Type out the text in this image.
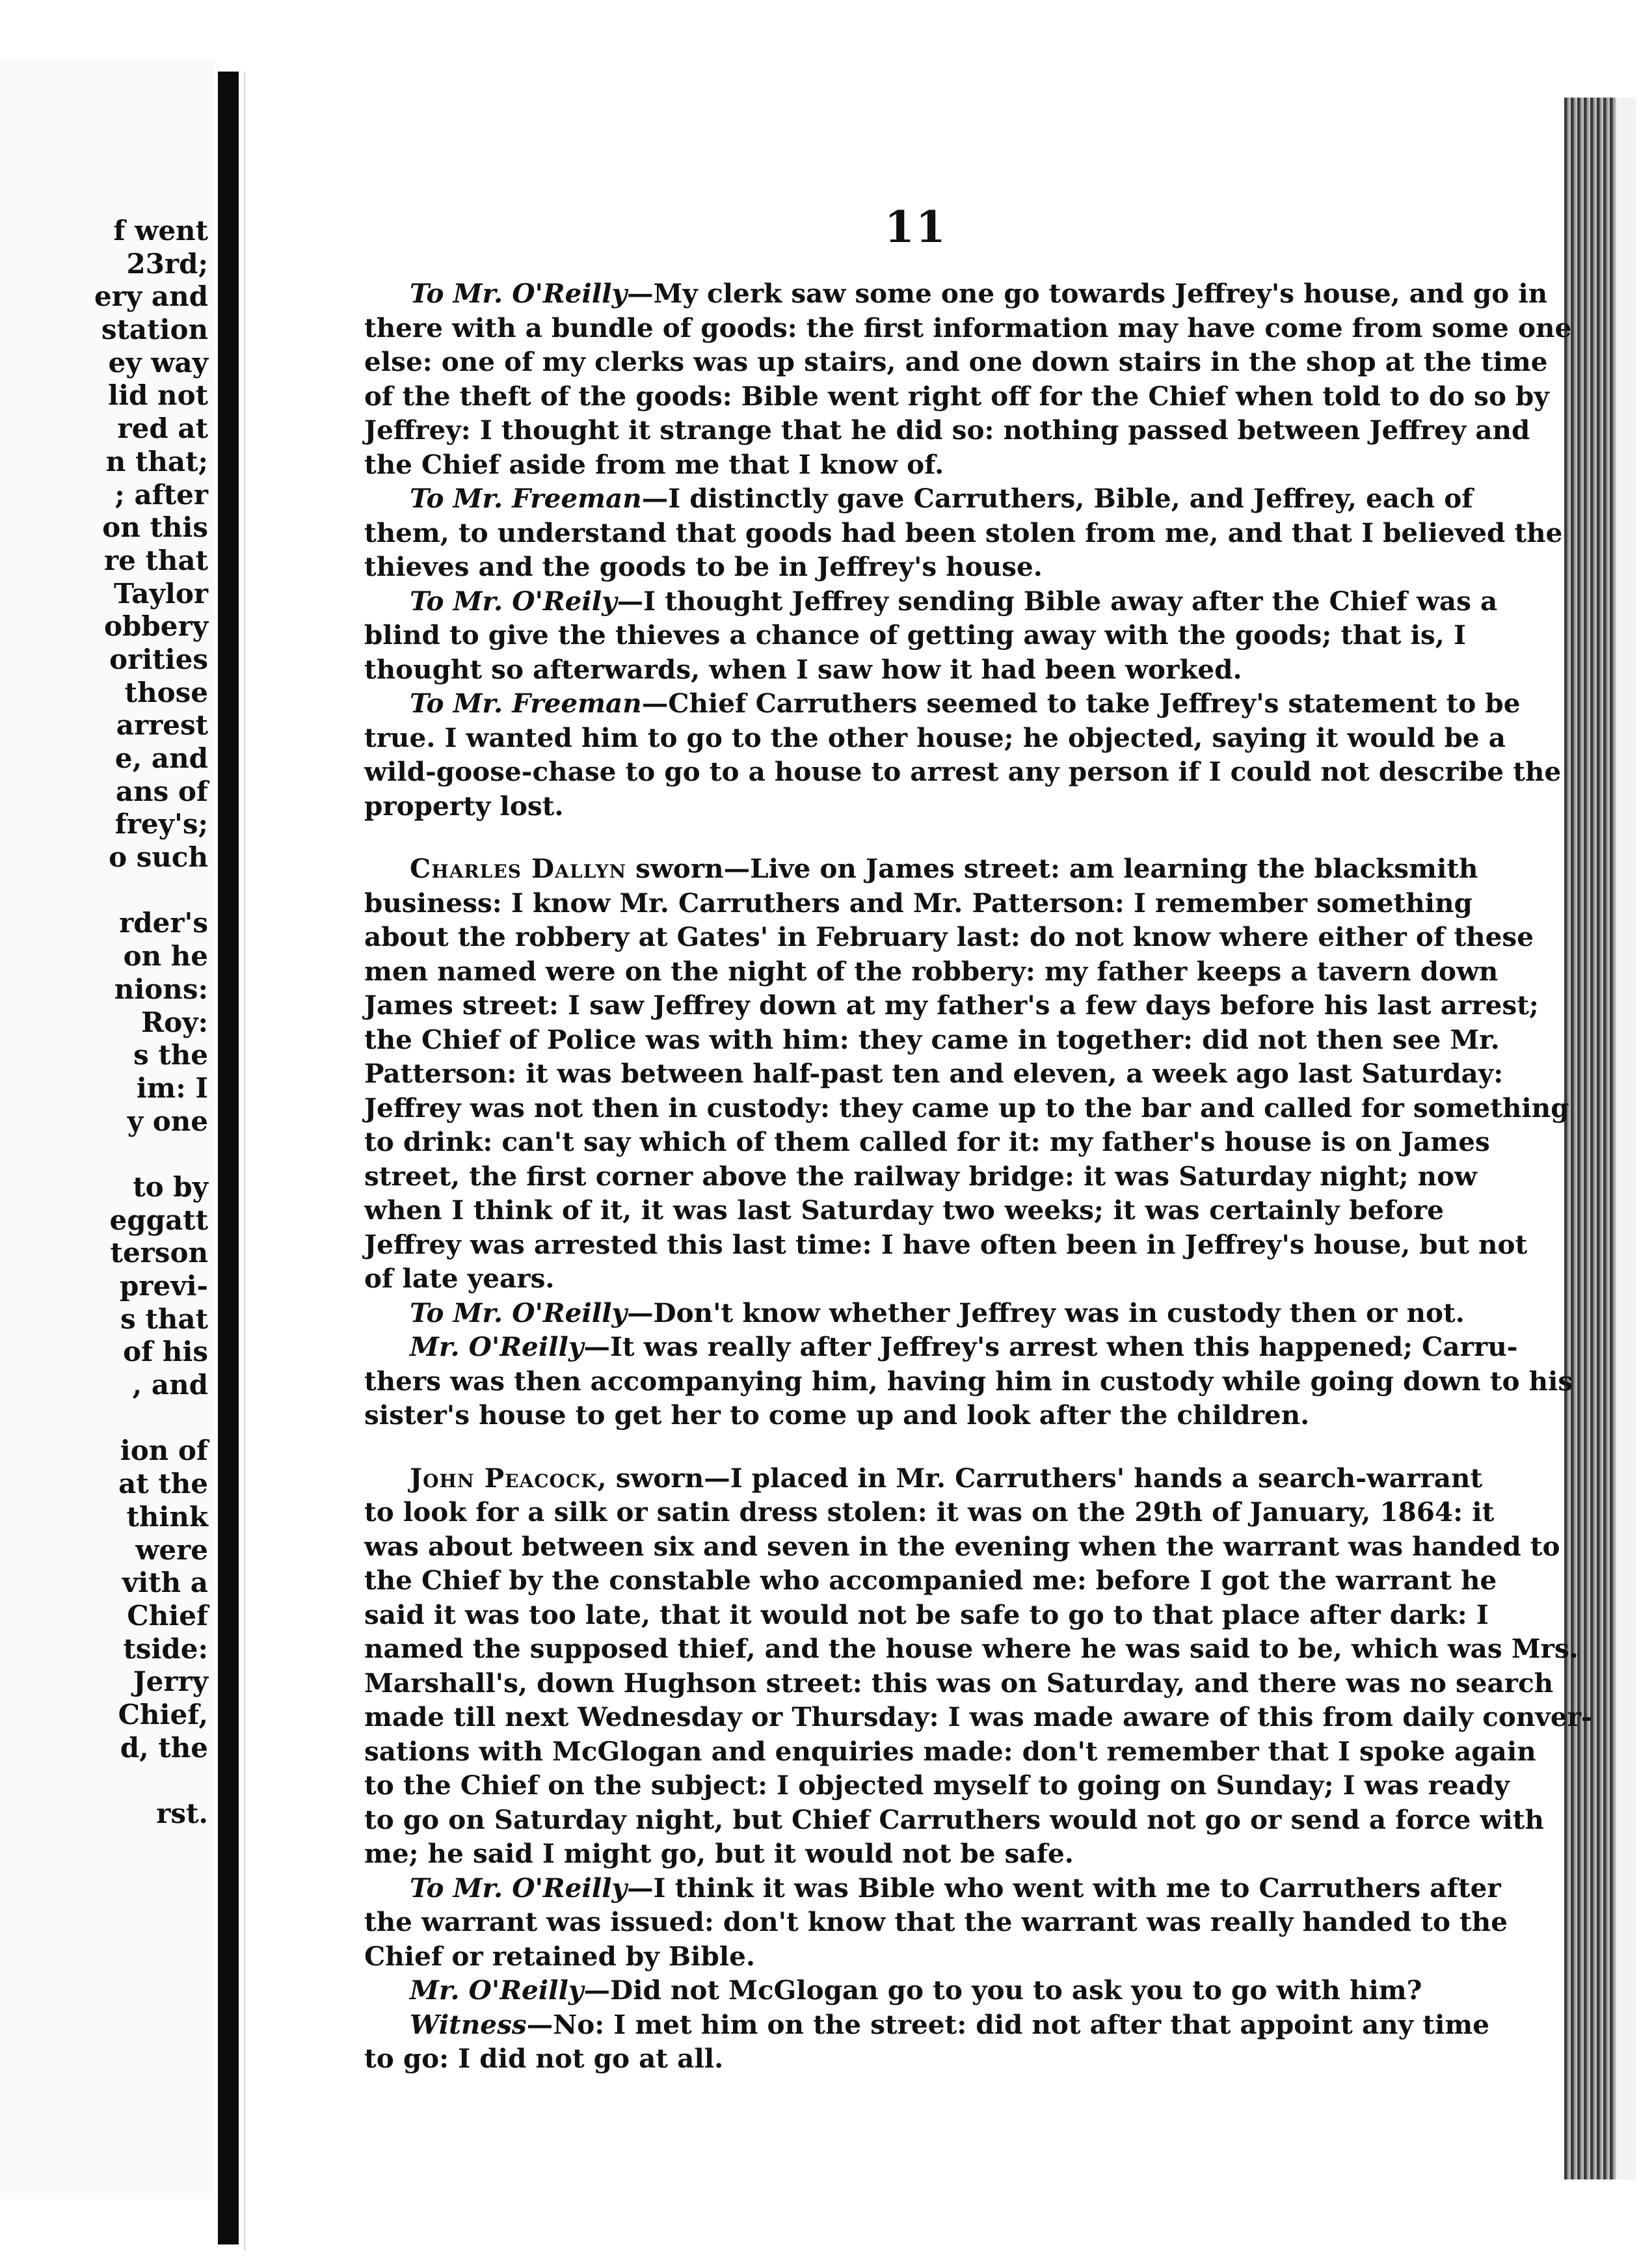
f went
23rd;
ery and
station
ey way
lid not
red at
n that;
; after
on this
re that
Taylor
obbery
orities
those
arrest
e, and
ans of
frey's;
o such
rder's
on he
nions:
Roy:
s the
im: I
y one
to by
eggatt
terson
previ-
s that
of his
, and
ion of
at the
think
were
vith a
Chief
tside:
Jerry
Chief,
d, the
rst.
11
To Mr. O'Reilly—My clerk saw some one go towards Jeffrey's house, and go in
there with a bundle of goods: the first information may have come from some one
else: one of my clerks was up stairs, and one down stairs in the shop at the time
of the theft of the goods: Bible went right off for the Chief when told to do so by
Jeffrey: I thought it strange that he did so: nothing passed between Jeffrey and
the Chief aside from me that I know of.
To Mr. Freeman—I distinctly gave Carruthers, Bible, and Jeffrey, each of
them, to understand that goods had been stolen from me, and that I believed the
thieves and the goods to be in Jeffrey's house.
To Mr. O'Reily—I thought Jeffrey sending Bible away after the Chief was a
blind to give the thieves a chance of getting away with the goods; that is, I
thought so afterwards, when I saw how it had been worked.
To Mr. Freeman—Chief Carruthers seemed to take Jeffrey's statement to be
true. I wanted him to go to the other house; he objected, saying it would be a
wild-goose-chase to go to a house to arrest any person if I could not describe the
property lost.
Charles Dallyn sworn—Live on James street: am learning the blacksmith
business: I know Mr. Carruthers and Mr. Patterson: I remember something
about the robbery at Gates' in February last: do not know where either of these
men named were on the night of the robbery: my father keeps a tavern down
James street: I saw Jeffrey down at my father's a few days before his last arrest;
the Chief of Police was with him: they came in together: did not then see Mr.
Patterson: it was between half-past ten and eleven, a week ago last Saturday:
Jeffrey was not then in custody: they came up to the bar and called for something
to drink: can't say which of them called for it: my father's house is on James
street, the first corner above the railway bridge: it was Saturday night; now
when I think of it, it was last Saturday two weeks; it was certainly before
Jeffrey was arrested this last time: I have often been in Jeffrey's house, but not
of late years.
To Mr. O'Reilly—Don't know whether Jeffrey was in custody then or not.
Mr. O'Reilly—It was really after Jeffrey's arrest when this happened; Carru-
thers was then accompanying him, having him in custody while going down to his
sister's house to get her to come up and look after the children.
John Peacock, sworn—I placed in Mr. Carruthers' hands a search-warrant
to look for a silk or satin dress stolen: it was on the 29th of January, 1864: it
was about between six and seven in the evening when the warrant was handed to
the Chief by the constable who accompanied me: before I got the warrant he
said it was too late, that it would not be safe to go to that place after dark: I
named the supposed thief, and the house where he was said to be, which was Mrs.
Marshall's, down Hughson street: this was on Saturday, and there was no search
made till next Wednesday or Thursday: I was made aware of this from daily conver-
sations with McGlogan and enquiries made: don't remember that I spoke again
to the Chief on the subject: I objected myself to going on Sunday; I was ready
to go on Saturday night, but Chief Carruthers would not go or send a force with
me; he said I might go, but it would not be safe.
To Mr. O'Reilly—I think it was Bible who went with me to Carruthers after
the warrant was issued: don't know that the warrant was really handed to the
Chief or retained by Bible.
Mr. O'Reilly—Did not McGlogan go to you to ask you to go with him?
Witness—No: I met him on the street: did not after that appoint any time
to go: I did not go at all.
